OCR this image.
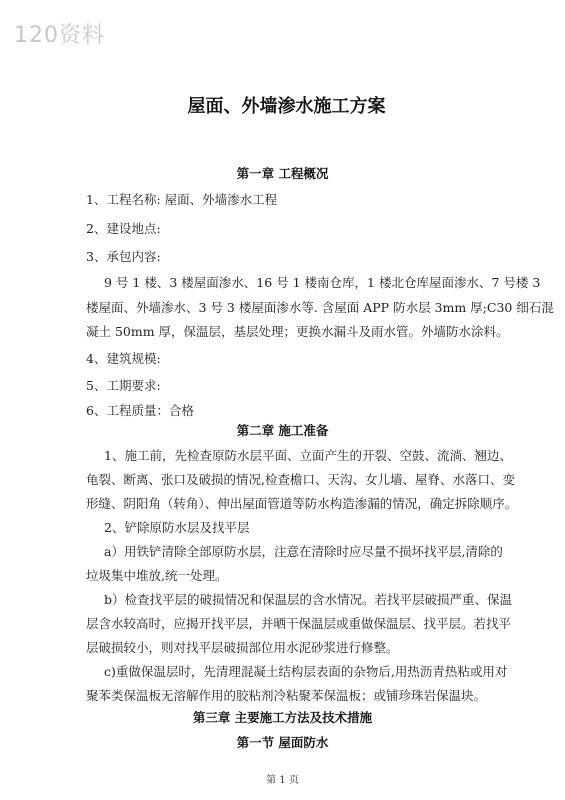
120资料
屋面、外墙渗水施工方案
第一章 工程概况
1、工程名称: 屋面、外墙渗水工程
2、建设地点:
3、承包内容:
9 号 1 楼、3 楼屋面渗水、16 号 1 楼南仓库，1 楼北仓库屋面渗水、7 号楼 3
楼屋面、外墙渗水、3 号 3 楼屋面渗水等. 含屋面 APP 防水层 3mm 厚;C30 细石混
凝土 50mm 厚，保温层，基层处理；更换水漏斗及雨水管。外墙防水涂料。
4、建筑规模:
5、工期要求:
6、工程质量：合格
第二章 施工准备
1、施工前，先检查原防水层平面、立面产生的开裂、空鼓、流淌、翘边、
龟裂、断离、张口及破损的情况,检查檐口、天沟、女儿墙、屋脊、水落口、变
形缝、阴阳角（转角）、伸出屋面管道等防水构造渗漏的情况，确定拆除顺序。
2、铲除原防水层及找平层
a）用铁铲清除全部原防水层，注意在清除时应尽量不损坏找平层,清除的
垃圾集中堆放,统一处理。
b）检查找平层的破损情况和保温层的含水情况。若找平层破损严重、保温
层含水较高时，应揭开找平层，并晒干保温层或重做保温层、找平层。若找平
层破损较小，则对找平层破损部位用水泥砂浆进行修整。
c)重做保温层时，先清理混凝土结构层表面的杂物后,用热沥青热粘或用对
聚苯类保温板无溶解作用的胶粘剂冷粘聚苯保温板；或铺珍珠岩保温块。
第三章 主要施工方法及技术措施
第一节 屋面防水
第 1 页
